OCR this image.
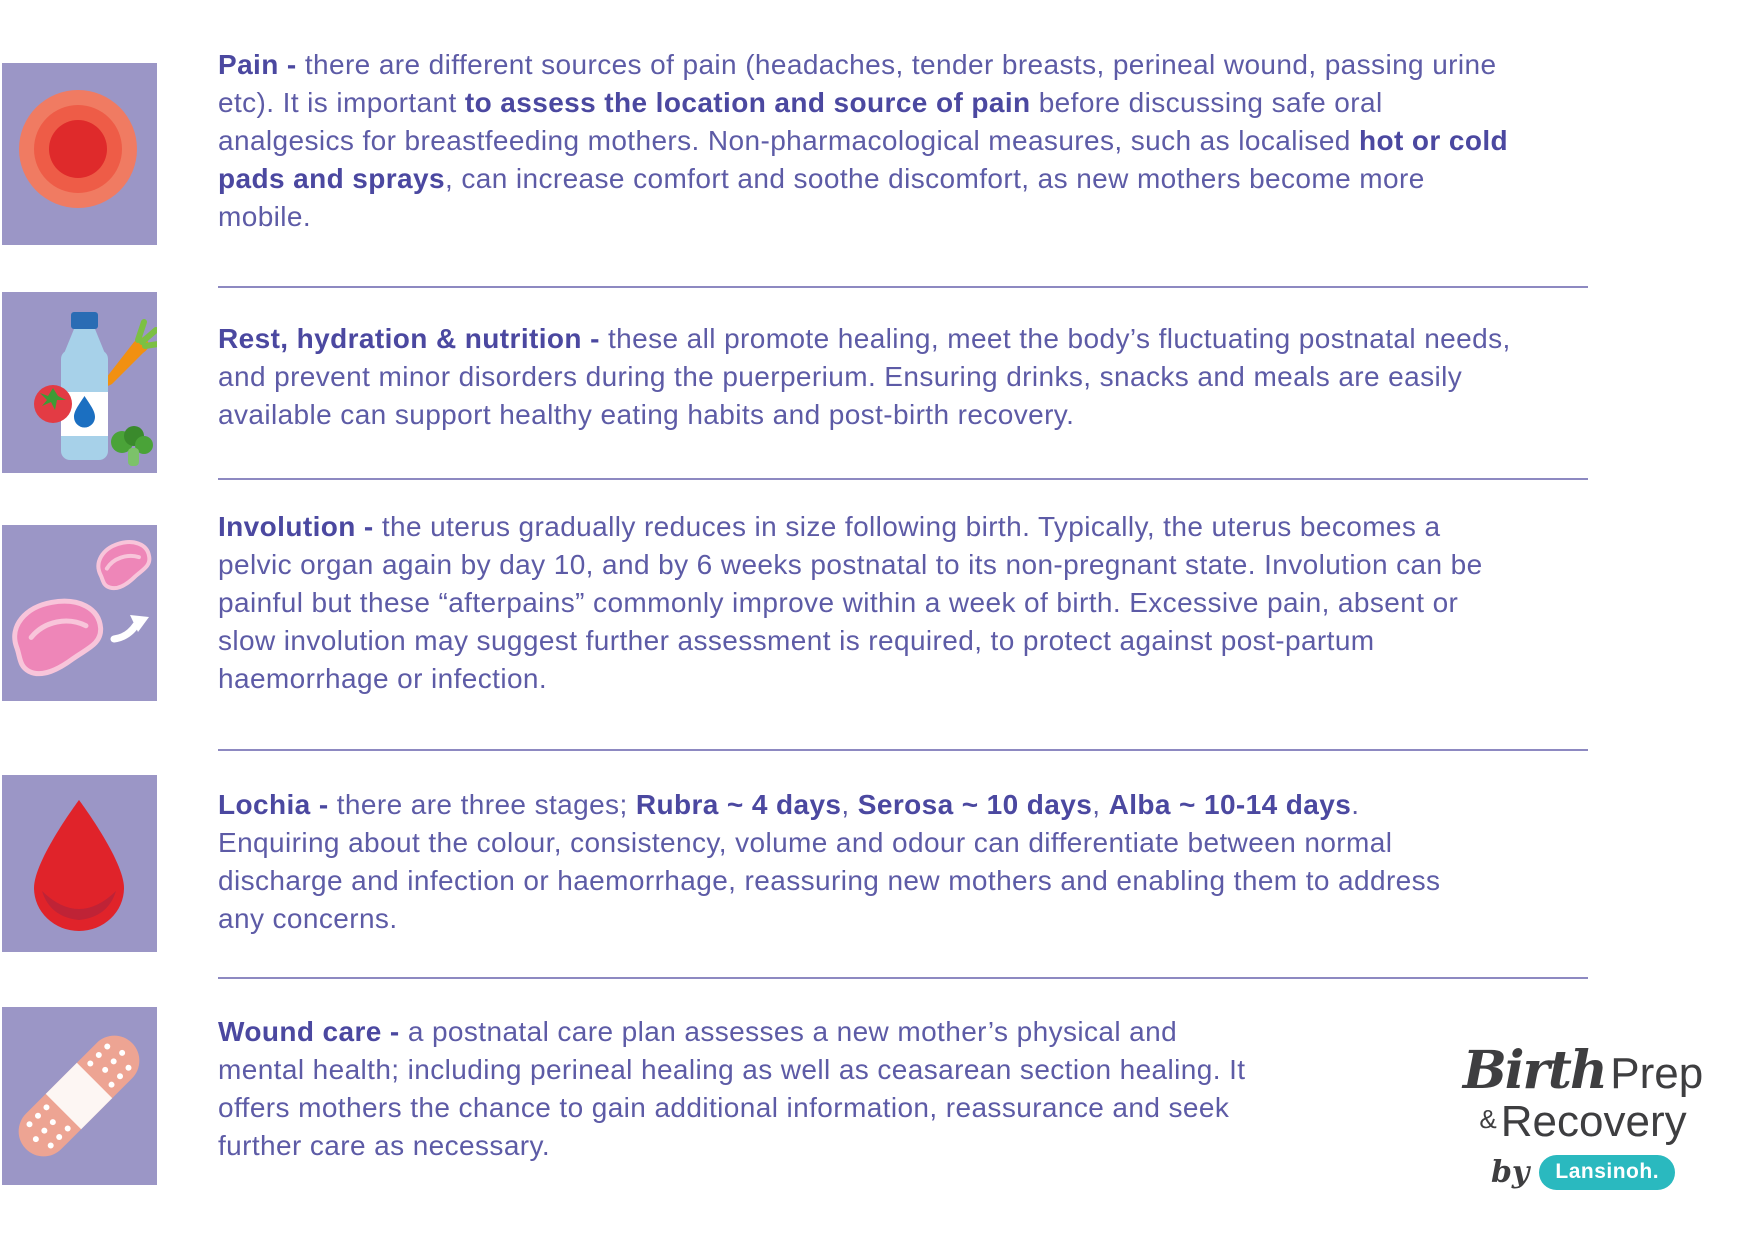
Pain - there are different sources of pain (headaches, tender breasts, perineal wound, passing urine etc). It is important to assess the location and source of pain before discussing safe oral analgesics for breastfeeding mothers. Non-pharmacological measures, such as localised hot or cold pads and sprays, can increase comfort and soothe discomfort, as new mothers become more mobile.

Rest, hydration & nutrition - these all promote healing, meet the body’s fluctuating postnatal needs, and prevent minor disorders during the puerperium. Ensuring drinks, snacks and meals are easily available can support healthy eating habits and post-birth recovery.

Involution - the uterus gradually reduces in size following birth. Typically, the uterus becomes a pelvic organ again by day 10, and by 6 weeks postnatal to its non-pregnant state. Involution can be painful but these “afterpains” commonly improve within a week of birth. Excessive pain, absent or slow involution may suggest further assessment is required, to protect against post-partum haemorrhage or infection.

Lochia - there are three stages; Rubra ~ 4 days, Serosa ~ 10 days, Alba ~ 10-14 days. Enquiring about the colour, consistency, volume and odour can differentiate between normal discharge and infection or haemorrhage, reassuring new mothers and enabling them to address any concerns.

Wound care - a postnatal care plan assesses a new mother’s physical and mental health; including perineal healing as well as ceasarean section healing. It offers mothers the chance to gain additional information, reassurance and seek further care as necessary.

Birth Prep
&Recovery
by	Lansinoh.
